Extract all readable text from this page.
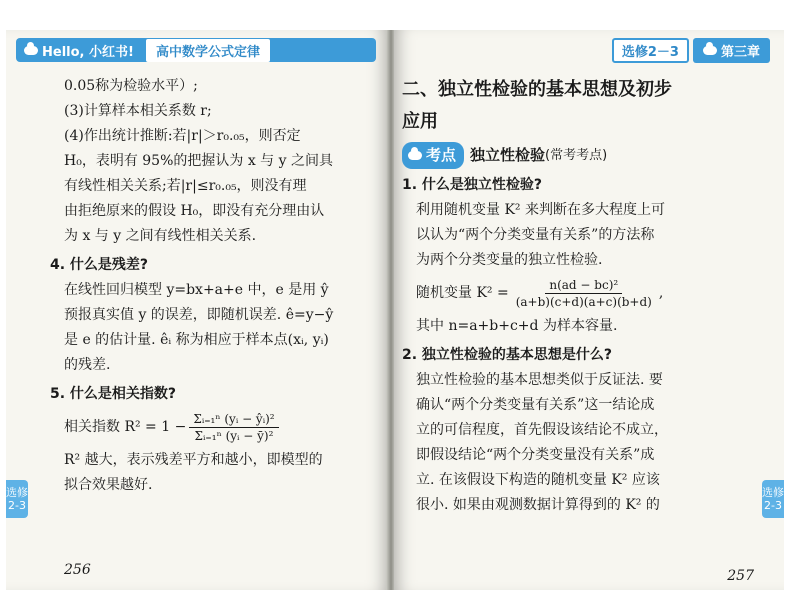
Hello, 小红书!	高中数学公式定律

0.05称为检验水平）;

(3)计算样本相关系数 r;

(4)作出统计推断:若|r|＞r₀.₀₅，则否定

H₀，表明有 95%的把握认为 x 与 y 之间具

有线性相关关系;若|r|≤r₀.₀₅，则没有理

由拒绝原来的假设 H₀，即没有充分理由认

为 x 与 y 之间有线性相关关系.

4. 什么是残差?

在线性回归模型 y=bx+a+e 中，e 是用 ŷ

预报真实值 y 的误差，即随机误差. ê=y−ŷ

是 e 的估计量. êᵢ 称为相应于样本点(xᵢ, yᵢ)

的残差.

5. 什么是相关指数?

相关指数 $R^2 = 1 - \frac{\text{Σᵢ₌₁ⁿ (yᵢ − ŷᵢ)²}}{\text{Σᵢ₌₁ⁿ (yᵢ − ȳ)²}}$

R² 越大，表示残差平方和越小，即模型的

拟合效果越好.

选修2-3
256
选修2－3	第三章

二、独立性检验的基本思想及初步

应用

考点 独立性检验 (常考考点)

1. 什么是独立性检验?

利用随机变量 K² 来判断在多大程度上可

以认为“两个分类变量有关系”的方法称

为两个分类变量的独立性检验.

随机变量 $K^2 = \frac{\text{n(ad − bc)²}}{(a+b)(c+d)(a+c)(b+d)}$ ,

其中 n=a+b+c+d 为样本容量.

2. 独立性检验的基本思想是什么?

独立性检验的基本思想类似于反证法. 要

确认“两个分类变量有关系”这一结论成

立的可信程度，首先假设该结论不成立，

即假设结论“两个分类变量没有关系”成

立. 在该假设下构造的随机变量 K² 应该

很小. 如果由观测数据计算得到的 K² 的

选修2-3
257
